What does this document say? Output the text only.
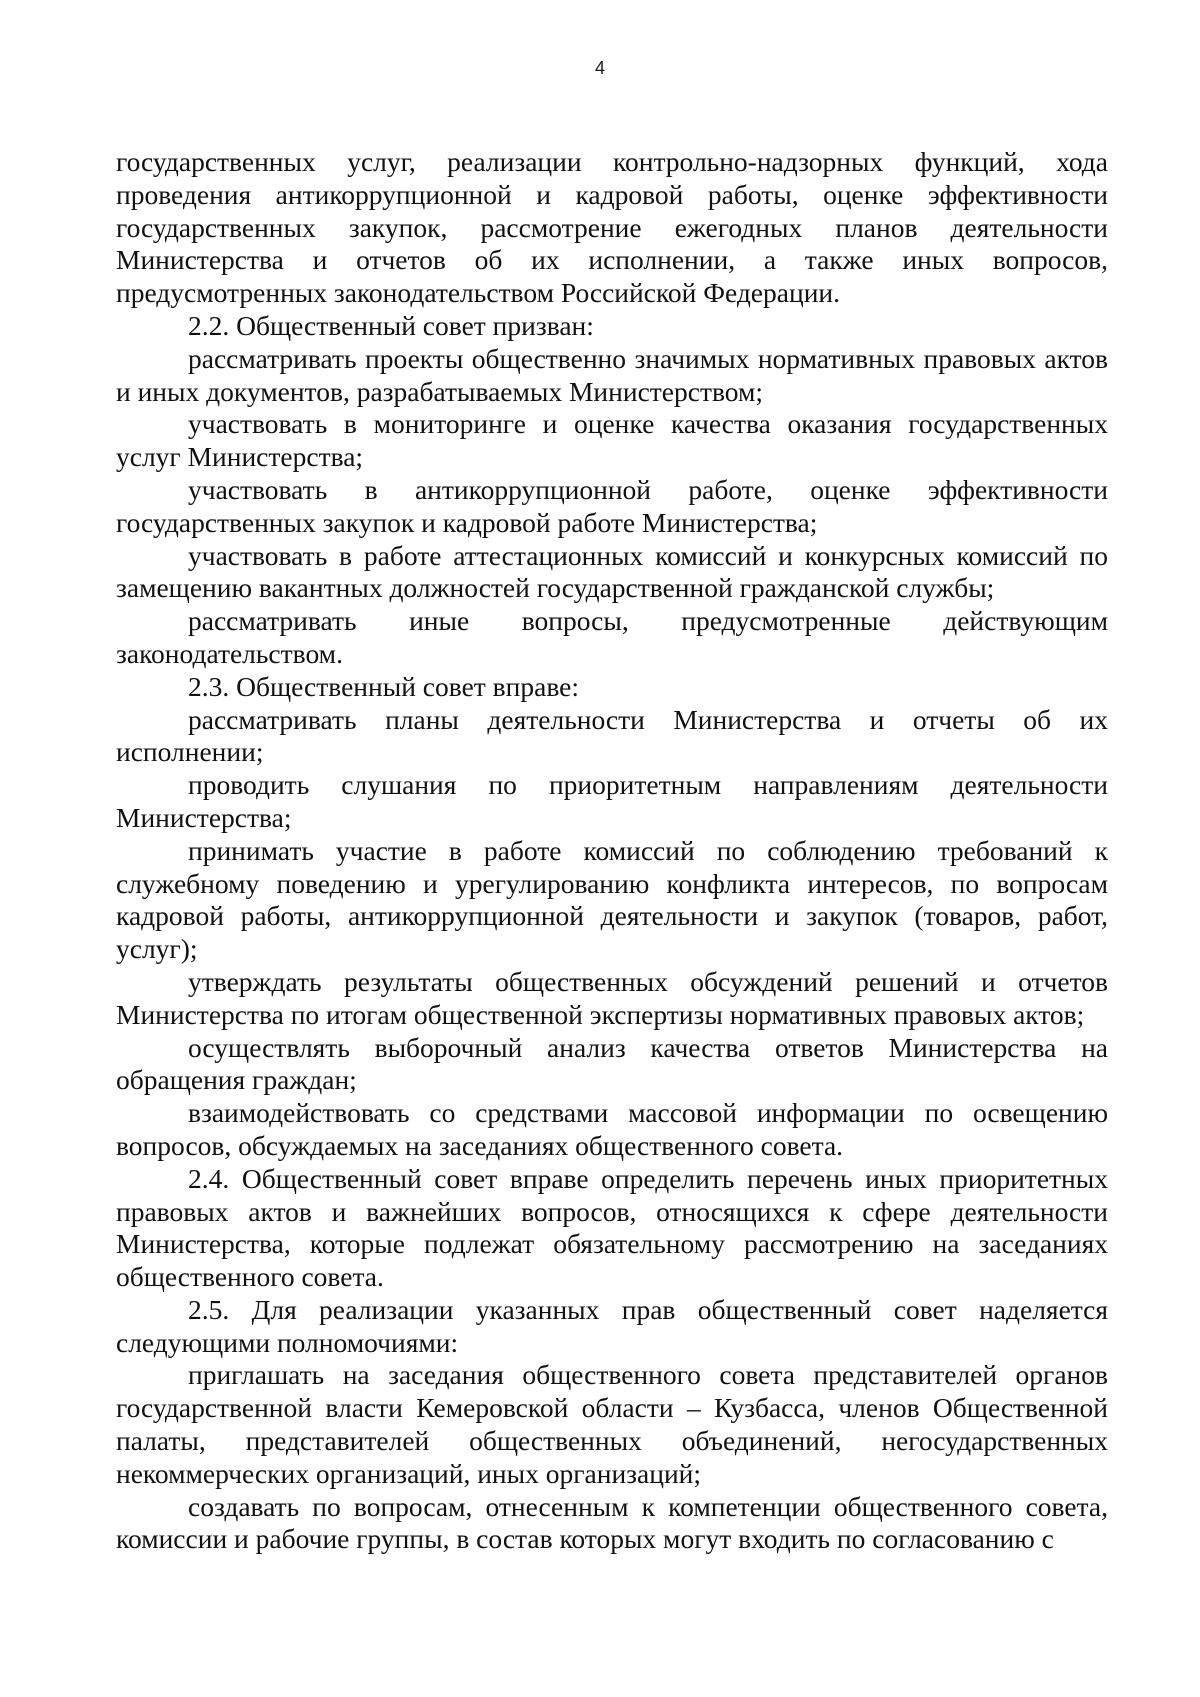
4

государственных услуг, реализации контрольно-надзорных функций, хода проведения антикоррупционной и кадровой работы, оценке эффективности государственных закупок, рассмотрение ежегодных планов деятельности Министерства и отчетов об их исполнении, а также иных вопросов, предусмотренных законодательством Российской Федерации.

2.2. Общественный совет призван:

рассматривать проекты общественно значимых нормативных правовых актов и иных документов, разрабатываемых Министерством;

участвовать в мониторинге и оценке качества оказания государственных услуг Министерства;

участвовать в антикоррупционной работе, оценке эффективности государственных закупок и кадровой работе Министерства;

участвовать в работе аттестационных комиссий и конкурсных комиссий по замещению вакантных должностей государственной гражданской службы;

рассматривать иные вопросы, предусмотренные действующим законодательством.

2.3. Общественный совет вправе:

рассматривать планы деятельности Министерства и отчеты об их исполнении;

проводить слушания по приоритетным направлениям деятельности Министерства;

принимать участие в работе комиссий по соблюдению требований к служебному поведению и урегулированию конфликта интересов, по вопросам кадровой работы, антикоррупционной деятельности и закупок (товаров, работ, услуг);

утверждать результаты общественных обсуждений решений и отчетов Министерства по итогам общественной экспертизы нормативных правовых актов;

осуществлять выборочный анализ качества ответов Министерства на обращения граждан;

взаимодействовать со средствами массовой информации по освещению вопросов, обсуждаемых на заседаниях общественного совета.

2.4. Общественный совет вправе определить перечень иных приоритетных правовых актов и важнейших вопросов, относящихся к сфере деятельности Министерства, которые подлежат обязательному рассмотрению на заседаниях общественного совета.

2.5. Для реализации указанных прав общественный совет наделяется следующими полномочиями:

приглашать на заседания общественного совета представителей органов государственной власти Кемеровской области – Кузбасса, членов Общественной палаты, представителей общественных объединений, негосударственных некоммерческих организаций, иных организаций;

создавать по вопросам, отнесенным к компетенции общественного совета, комиссии и рабочие группы, в состав которых могут входить по согласованию с
